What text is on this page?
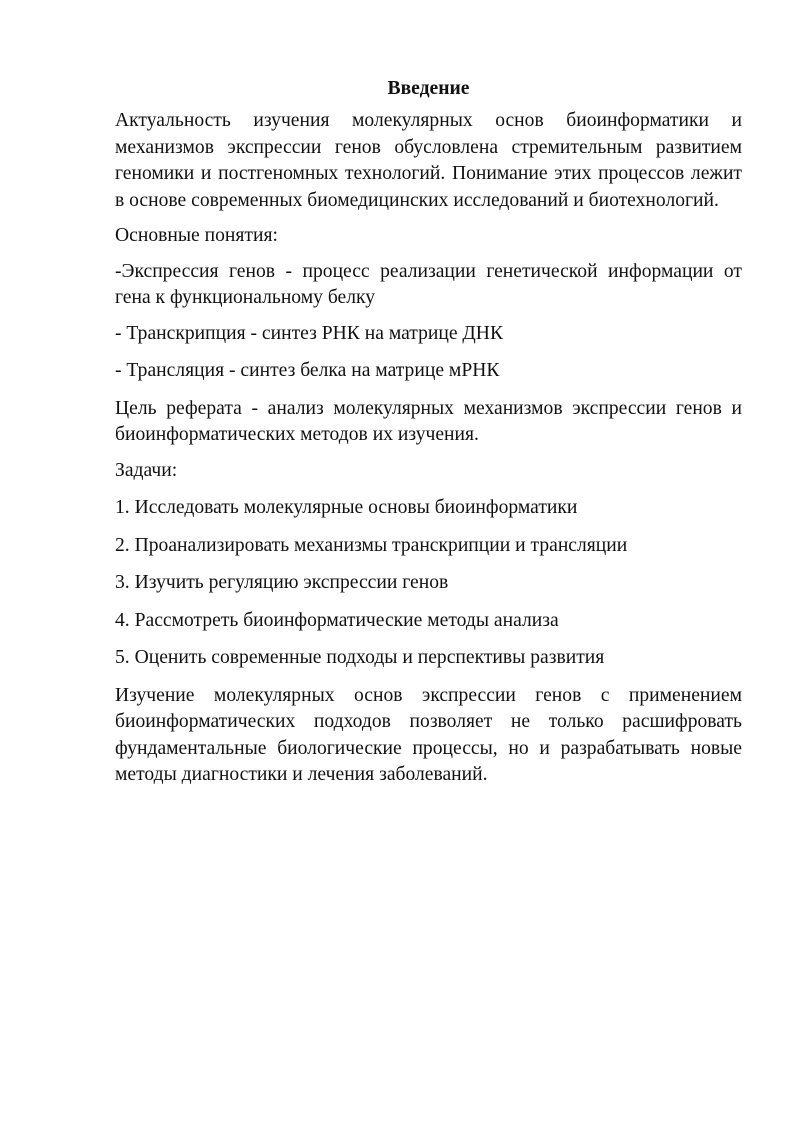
Введение
Актуальность изучения молекулярных основ биоинформатики и механизмов экспрессии генов обусловлена стремительным развитием геномики и постгеномных технологий. Понимание этих процессов лежит в основе современных биомедицинских исследований и биотехнологий.
Основные понятия:
-Экспрессия генов - процесс реализации генетической информации от гена к функциональному белку
- Транскрипция - синтез РНК на матрице ДНК
- Трансляция - синтез белка на матрице мРНК
Цель реферата - анализ молекулярных механизмов экспрессии генов и биоинформатических методов их изучения.
Задачи:
1. Исследовать молекулярные основы биоинформатики
2. Проанализировать механизмы транскрипции и трансляции
3. Изучить регуляцию экспрессии генов
4. Рассмотреть биоинформатические методы анализа
5. Оценить современные подходы и перспективы развития
Изучение молекулярных основ экспрессии генов с применением биоинформатических подходов позволяет не только расшифровать фундаментальные биологические процессы, но и разрабатывать новые методы диагностики и лечения заболеваний.
